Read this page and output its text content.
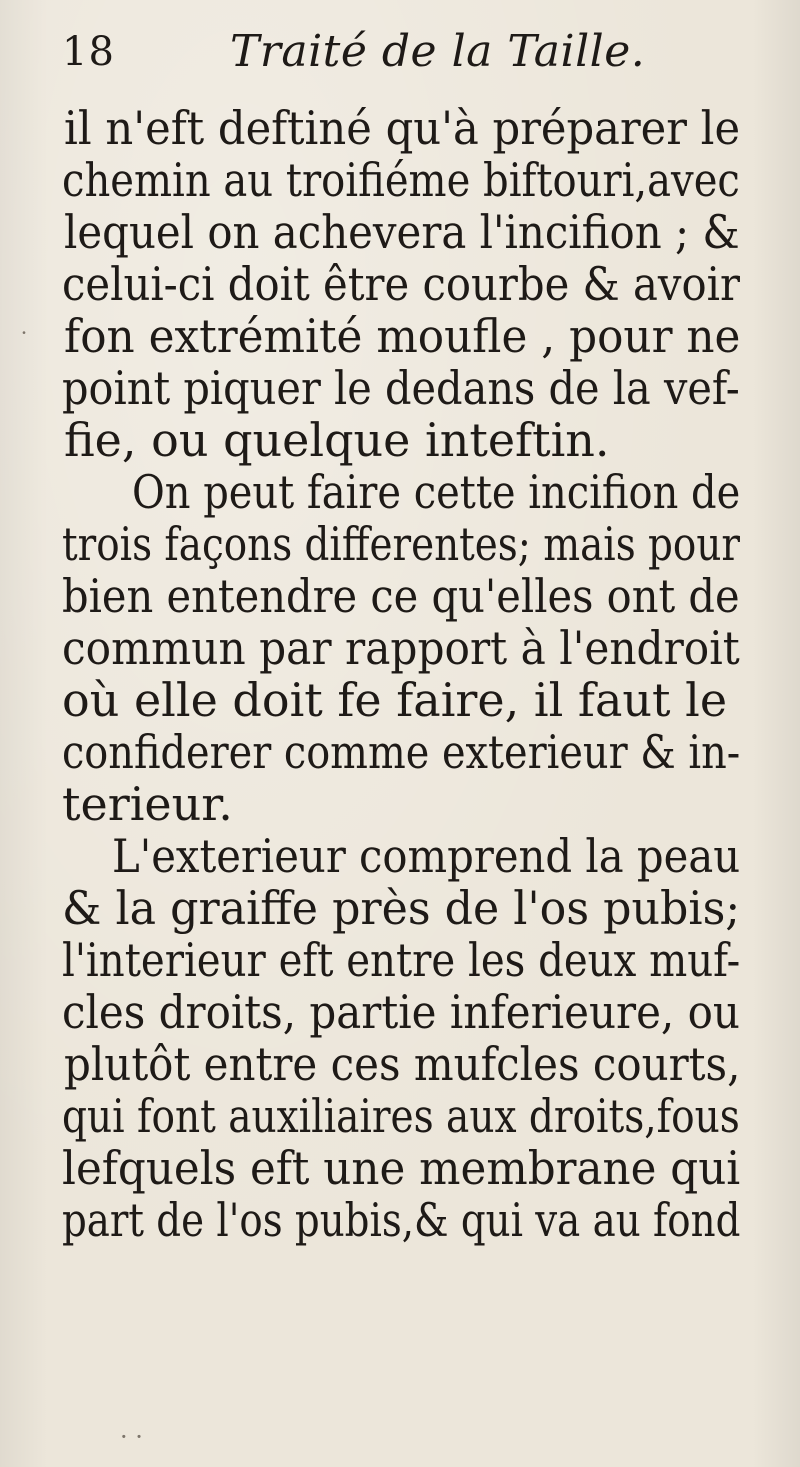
18	Traité de la Taille.
il n'eft deftiné qu'à préparer le
chemin au troifiéme biftouri,avec
lequel on achevera l'incifion ; &
celui-ci doit être courbe & avoir
fon extrémité moufle , pour ne
point piquer le dedans de la vef-
fie, ou quelque inteftin.
On peut faire cette incifion de
trois façons differentes; mais pour
bien entendre ce qu'elles ont de
commun par rapport à l'endroit
où elle doit fe faire, il faut le
confiderer comme exterieur & in-
terieur.
L'exterieur comprend la peau
& la graiffe près de l'os pubis;
l'interieur eft entre les deux muf-
cles droits, partie inferieure, ou
plutôt entre ces mufcles courts,
qui font auxiliaires aux droits,fous
lefquels eft une membrane qui
part de l'os pubis,& qui va au fond
˙
· ·
